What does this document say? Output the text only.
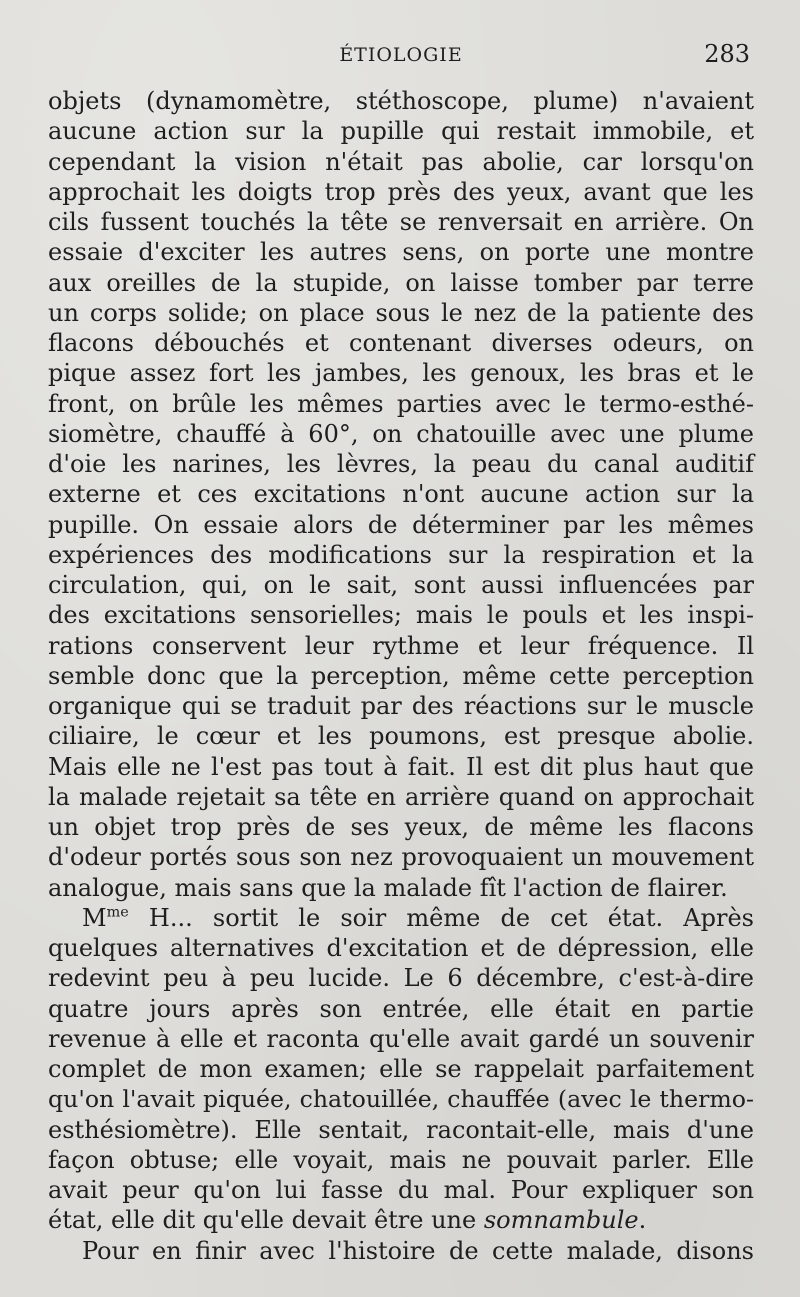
ÉTIOLOGIE	283
objets (dynamomètre, stéthoscope, plume) n'avaient
aucune action sur la pupille qui restait immobile, et
cependant la vision n'était pas abolie, car lorsqu'on
approchait les doigts trop près des yeux, avant que les
cils fussent touchés la tête se renversait en arrière. On
essaie d'exciter les autres sens, on porte une montre
aux oreilles de la stupide, on laisse tomber par terre
un corps solide; on place sous le nez de la patiente des
flacons débouchés et contenant diverses odeurs, on
pique assez fort les jambes, les genoux, les bras et le
front, on brûle les mêmes parties avec le termo-esthé-
siomètre, chauffé à 60°, on chatouille avec une plume
d'oie les narines, les lèvres, la peau du canal auditif
externe et ces excitations n'ont aucune action sur la
pupille. On essaie alors de déterminer par les mêmes
expériences des modifications sur la respiration et la
circulation, qui, on le sait, sont aussi influencées par
des excitations sensorielles; mais le pouls et les inspi-
rations conservent leur rythme et leur fréquence. Il
semble donc que la perception, même cette perception
organique qui se traduit par des réactions sur le muscle
ciliaire, le cœur et les poumons, est presque abolie.
Mais elle ne l'est pas tout à fait. Il est dit plus haut que
la malade rejetait sa tête en arrière quand on approchait
un objet trop près de ses yeux, de même les flacons
d'odeur portés sous son nez provoquaient un mouvement
analogue, mais sans que la malade fît l'action de flairer.
$M^{me}$ H... sortit le soir même de cet état. Après
quelques alternatives d'excitation et de dépression, elle
redevint peu à peu lucide. Le 6 décembre, c'est-à-dire
quatre jours après son entrée, elle était en partie
revenue à elle et raconta qu'elle avait gardé un souvenir
complet de mon examen; elle se rappelait parfaitement
qu'on l'avait piquée, chatouillée, chauffée (avec le thermo-
esthésiomètre). Elle sentait, racontait-elle, mais d'une
façon obtuse; elle voyait, mais ne pouvait parler. Elle
avait peur qu'on lui fasse du mal. Pour expliquer son
état, elle dit qu'elle devait être une somnambule.
Pour en finir avec l'histoire de cette malade, disons
